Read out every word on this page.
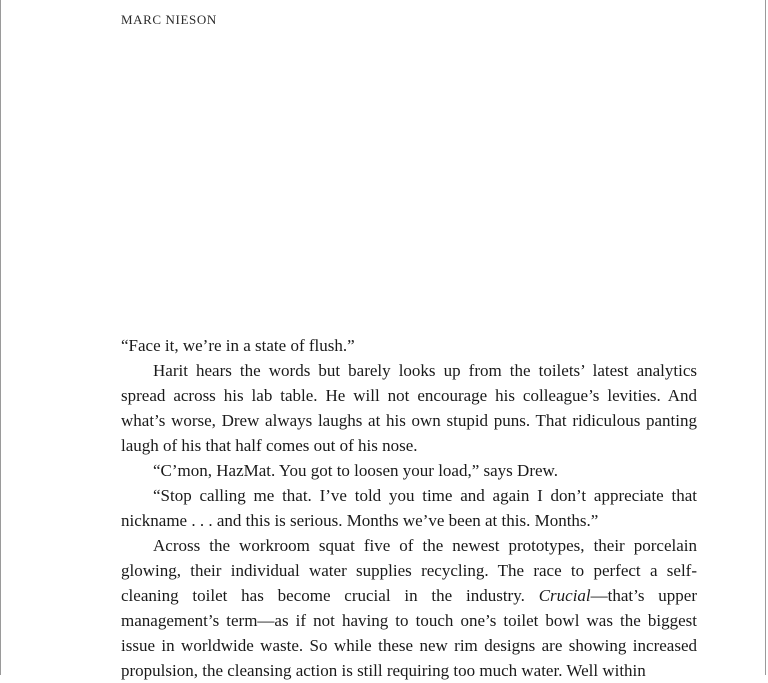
MARC NIESON

“Face it, we’re in a state of flush.”

Harit hears the words but barely looks up from the toilets’ latest analytics spread across his lab table. He will not encourage his colleague’s levities. And what’s worse, Drew always laughs at his own stupid puns. That ridiculous panting laugh of his that half comes out of his nose.

“C’mon, HazMat. You got to loosen your load,” says Drew.

“Stop calling me that. I’ve told you time and again I don’t appreciate that nickname . . . and this is serious. Months we’ve been at this. Months.”

Across the workroom squat five of the newest prototypes, their porcelain glowing, their individual water supplies recycling. The race to perfect a self-cleaning toilet has become crucial in the industry. Crucial—that’s upper management’s term—as if not having to touch one’s toilet bowl was the biggest issue in worldwide waste. So while these new rim designs are showing increased propulsion, the cleansing action is still requiring too much water. Well within
